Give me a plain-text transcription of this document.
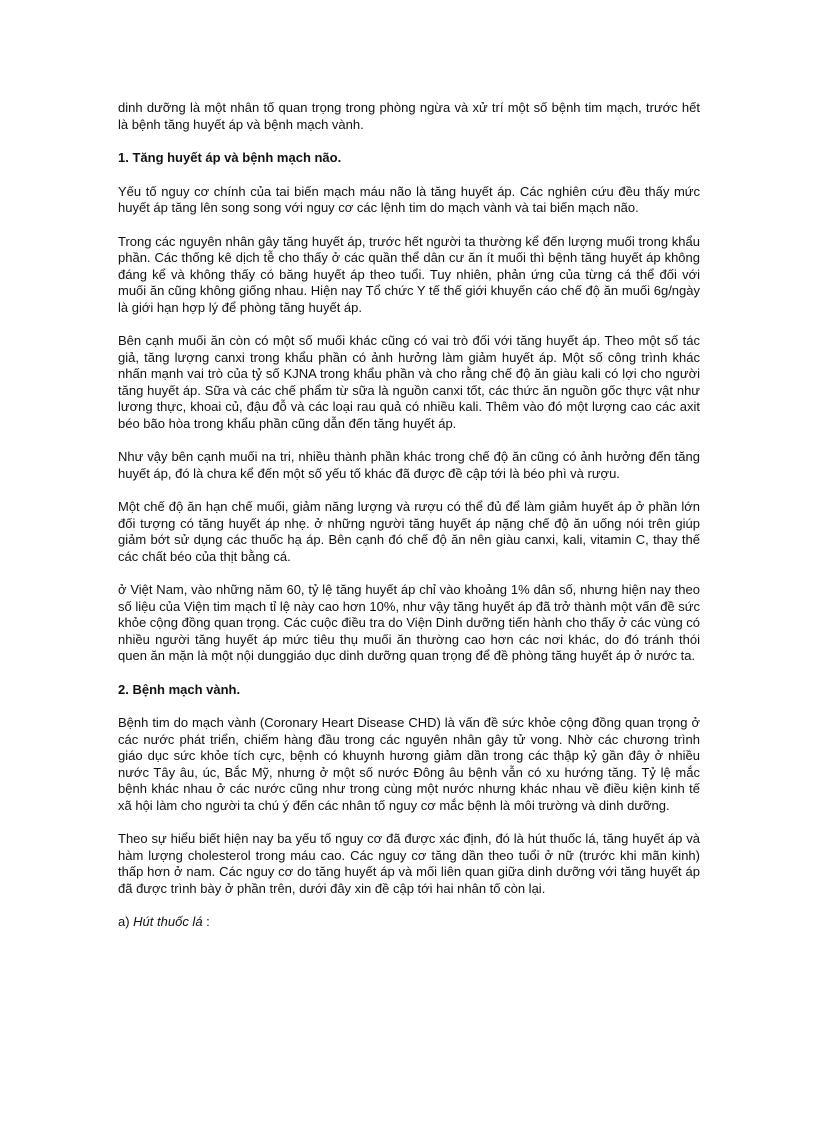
dinh dưỡng là một nhân tố quan trọng trong phòng ngừa và xử trí một số bệnh tim mạch, trước hết là bệnh tăng huyết áp và bệnh mạch vành.

1. Tăng huyết áp và bệnh mạch não.

Yếu tố nguy cơ chính của tai biến mạch máu não là tăng huyết áp. Các nghiên cứu đều thấy mức huyết áp tăng lên song song với nguy cơ các lệnh tim do mạch vành và tai biến mạch não.

Trong các nguyên nhân gây tăng huyết áp, trước hết người ta thường kể đến lượng muối trong khẩu phần. Các thống kê dịch tễ cho thấy ở các quần thể dân cư ăn ít muối thì bệnh tăng huyết áp không đáng kể và không thấy có băng huyết áp theo tuổi. Tuy nhiên, phản ứng của từng cá thể đối với muối ăn cũng không giống nhau. Hiện nay Tổ chức Y tế thế giới khuyến cáo chế độ ăn muối 6g/ngày là giới hạn hợp lý để phòng tăng huyết áp.

Bên cạnh muối ăn còn có một số muối khác cũng có vai trò đối với tăng huyết áp. Theo một số tác giả, tăng lượng canxi trong khẩu phần có ảnh hưởng làm giảm huyết áp. Một số công trình khác nhấn mạnh vai trò của tỷ số KJNA trong khẩu phần và cho rằng chế độ ăn giàu kali có lợi cho người tăng huyết áp. Sữa và các chế phẩm từ sữa là nguồn canxi tốt, các thức ăn nguồn gốc thực vật như lương thực, khoai củ, đậu đỗ và các loại rau quả có nhiều kali. Thêm vào đó một lượng cao các axit béo bão hòa trong khẩu phần cũng dẫn đến tăng huyết áp.

Như vậy bên cạnh muối na tri, nhiều thành phần khác trong chế độ ăn cũng có ảnh hưởng đến tăng huyết áp, đó là chưa kể đến một số yếu tố khác đã được đề cập tới là béo phì và rượu.

Một chế độ ăn hạn chế muối, giảm năng lượng và rượu có thể đủ để làm giảm huyết áp ở phần lớn đối tượng có tăng huyết áp nhẹ. ở những người tăng huyết áp nặng chế độ ăn uống nói trên giúp giảm bớt sử dụng các thuốc hạ áp. Bên cạnh đó chế độ ăn nên giàu canxi, kali, vitamin C, thay thế các chất béo của thịt bằng cá.

ở Việt Nam, vào những năm 60, tỷ lệ tăng huyết áp chỉ vào khoảng 1% dân số, nhưng hiện nay theo số liệu của Viện tim mạch tỉ lệ này cao hơn 10%, như vậy tăng huyết áp đã trở thành một vấn đề sức khỏe cộng đồng quan trọng. Các cuộc điều tra do Viện Dinh dưỡng tiến hành cho thấy ở các vùng có nhiều người tăng huyết áp mức tiêu thụ muối ăn thường cao hơn các nơi khác, do đó tránh thói quen ăn mặn là một nội dunggiáo dục dinh dưỡng quan trọng để đề phòng tăng huyết áp ở nước ta.

2. Bệnh mạch vành.

Bệnh tim do mạch vành (Coronary Heart Disease CHD) là vấn đề sức khỏe cộng đồng quan trọng ở các nước phát triển, chiếm hàng đầu trong các nguyên nhân gây tử vong. Nhờ các chương trình giáo dục sức khỏe tích cực, bệnh có khuynh hương giảm dần trong các thập kỷ gần đây ở nhiều nước Tây âu, úc, Bắc Mỹ, nhưng ở một số nước Đông âu bệnh vẫn có xu hướng tăng. Tỷ lệ mắc bệnh khác nhau ở các nước cũng như trong cùng một nước nhưng khác nhau về điều kiện kinh tế xã hội làm cho người ta chú ý đến các nhân tố nguy cơ mắc bệnh là môi trường và dinh dưỡng.

Theo sự hiểu biết hiện nay ba yếu tố nguy cơ đã được xác định, đó là hút thuốc lá, tăng huyết áp và hàm lượng cholesterol trong máu cao. Các nguy cơ tăng dần theo tuổi ở nữ (trước khi mãn kinh) thấp hơn ở nam. Các nguy cơ do tăng huyết áp và mối liên quan giữa dinh dưỡng với tăng huyết áp đã được trình bày ở phần trên, dưới đây xin đề cập tới hai nhân tố còn lại.

a) Hút thuốc lá :
